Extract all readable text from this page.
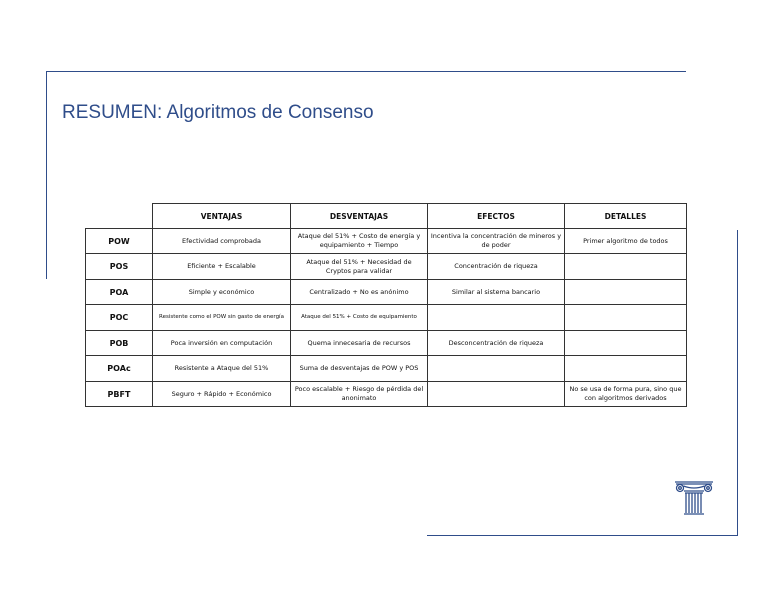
RESUMEN: Algoritmos de Consenso
	VENTAJAS	DESVENTAJAS	EFECTOS	DETALLES
POW	Efectividad comprobada	Ataque del 51% + Costo de energía y equipamiento + Tiempo	Incentiva la concentración de mineros y de poder	Primer algoritmo de todos
POS	Eficiente + Escalable	Ataque del 51% + Necesidad de Cryptos para validar	Concentración de riqueza	
POA	Simple y económico	Centralizado + No es anónimo	Similar al sistema bancario	
POC	Resistente como el POW sin gasto de energía	Ataque del 51% + Costo de equipamiento		
POB	Poca inversión en computación	Quema innecesaria de recursos	Desconcentración de riqueza	
POAc	Resistente a Ataque del 51%	Suma de desventajas de POW y POS		
PBFT	Seguro + Rápido + Económico	Poco escalable + Riesgo de pérdida del anonimato		No se usa de forma pura, sino que con algoritmos derivados
